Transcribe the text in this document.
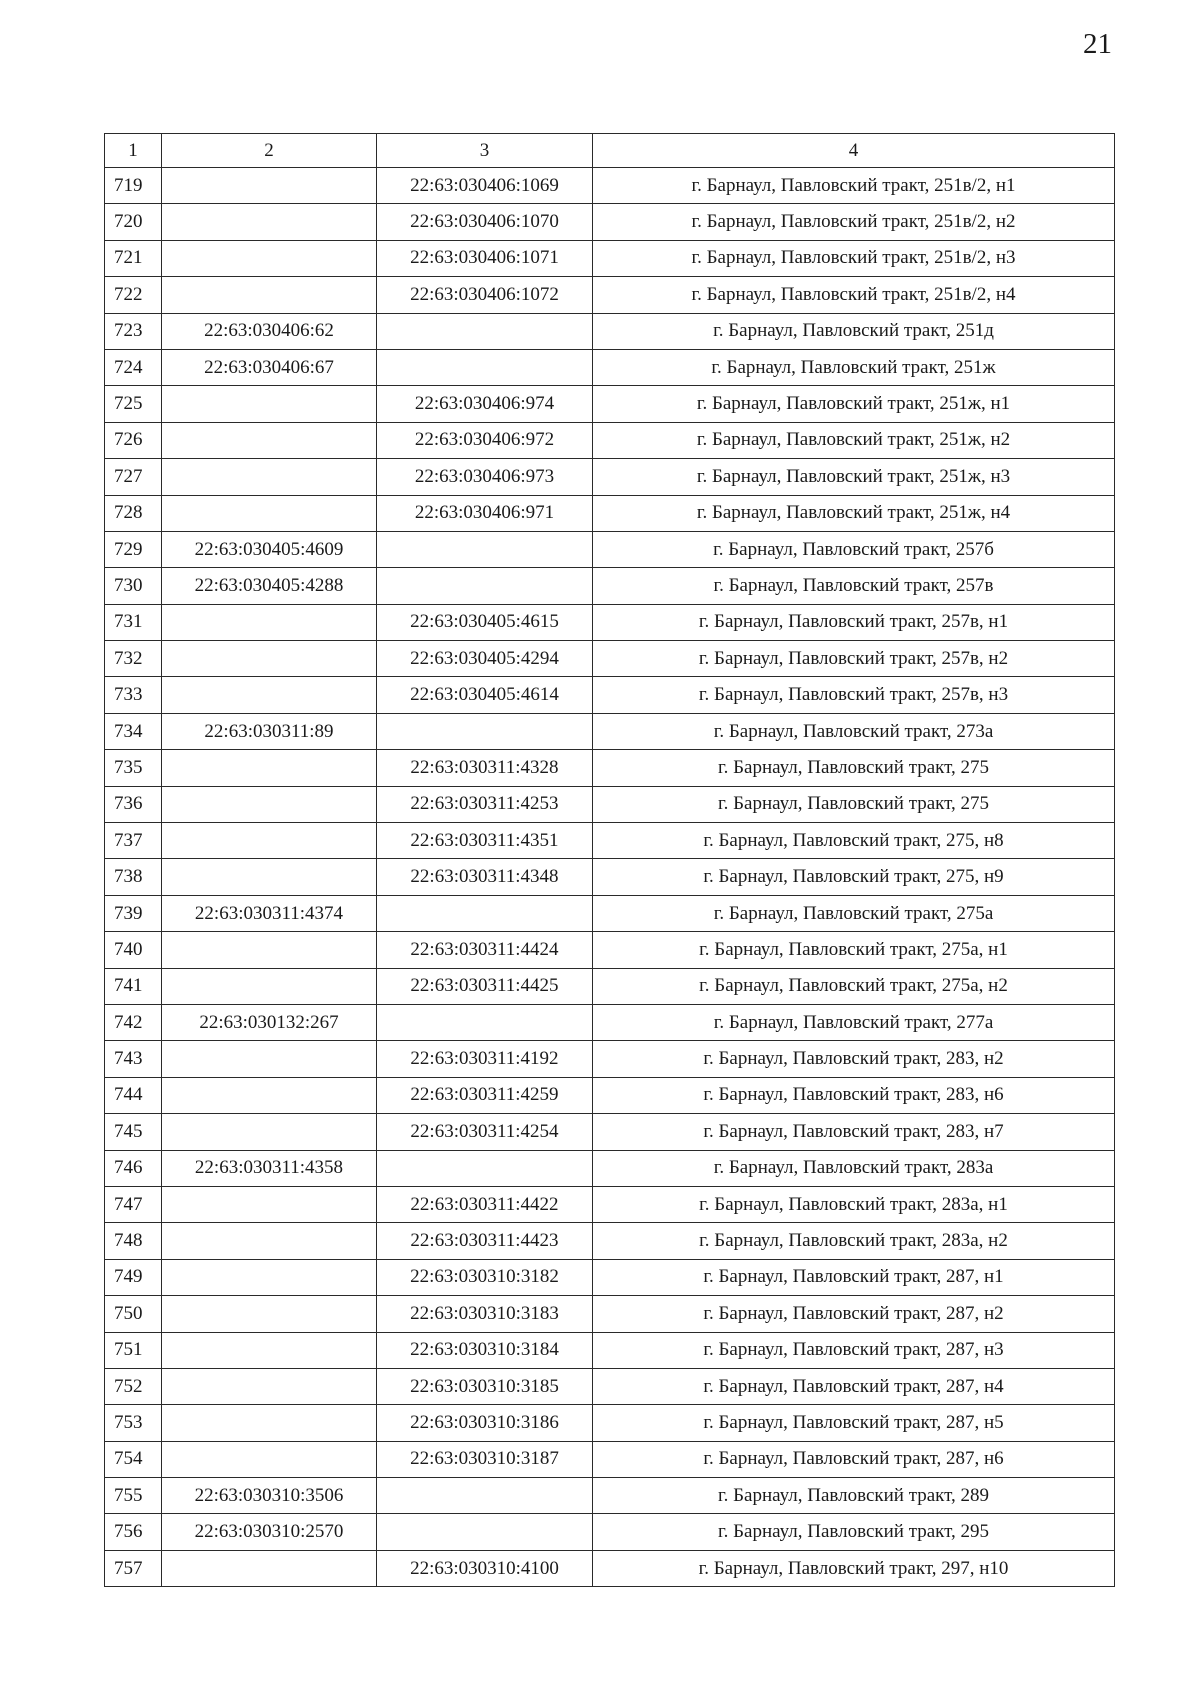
21
1	2	3	4
719		22:63:030406:1069	г. Барнаул, Павловский тракт, 251в/2, н1
720		22:63:030406:1070	г. Барнаул, Павловский тракт, 251в/2, н2
721		22:63:030406:1071	г. Барнаул, Павловский тракт, 251в/2, н3
722		22:63:030406:1072	г. Барнаул, Павловский тракт, 251в/2, н4
723	22:63:030406:62		г. Барнаул, Павловский тракт, 251д
724	22:63:030406:67		г. Барнаул, Павловский тракт, 251ж
725		22:63:030406:974	г. Барнаул, Павловский тракт, 251ж, н1
726		22:63:030406:972	г. Барнаул, Павловский тракт, 251ж, н2
727		22:63:030406:973	г. Барнаул, Павловский тракт, 251ж, н3
728		22:63:030406:971	г. Барнаул, Павловский тракт, 251ж, н4
729	22:63:030405:4609		г. Барнаул, Павловский тракт, 257б
730	22:63:030405:4288		г. Барнаул, Павловский тракт, 257в
731		22:63:030405:4615	г. Барнаул, Павловский тракт, 257в, н1
732		22:63:030405:4294	г. Барнаул, Павловский тракт, 257в, н2
733		22:63:030405:4614	г. Барнаул, Павловский тракт, 257в, н3
734	22:63:030311:89		г. Барнаул, Павловский тракт, 273а
735		22:63:030311:4328	г. Барнаул, Павловский тракт, 275
736		22:63:030311:4253	г. Барнаул, Павловский тракт, 275
737		22:63:030311:4351	г. Барнаул, Павловский тракт, 275, н8
738		22:63:030311:4348	г. Барнаул, Павловский тракт, 275, н9
739	22:63:030311:4374		г. Барнаул, Павловский тракт, 275а
740		22:63:030311:4424	г. Барнаул, Павловский тракт, 275а, н1
741		22:63:030311:4425	г. Барнаул, Павловский тракт, 275а, н2
742	22:63:030132:267		г. Барнаул, Павловский тракт, 277а
743		22:63:030311:4192	г. Барнаул, Павловский тракт, 283, н2
744		22:63:030311:4259	г. Барнаул, Павловский тракт, 283, н6
745		22:63:030311:4254	г. Барнаул, Павловский тракт, 283, н7
746	22:63:030311:4358		г. Барнаул, Павловский тракт, 283а
747		22:63:030311:4422	г. Барнаул, Павловский тракт, 283а, н1
748		22:63:030311:4423	г. Барнаул, Павловский тракт, 283а, н2
749		22:63:030310:3182	г. Барнаул, Павловский тракт, 287, н1
750		22:63:030310:3183	г. Барнаул, Павловский тракт, 287, н2
751		22:63:030310:3184	г. Барнаул, Павловский тракт, 287, н3
752		22:63:030310:3185	г. Барнаул, Павловский тракт, 287, н4
753		22:63:030310:3186	г. Барнаул, Павловский тракт, 287, н5
754		22:63:030310:3187	г. Барнаул, Павловский тракт, 287, н6
755	22:63:030310:3506		г. Барнаул, Павловский тракт, 289
756	22:63:030310:2570		г. Барнаул, Павловский тракт, 295
757		22:63:030310:4100	г. Барнаул, Павловский тракт, 297, н10
